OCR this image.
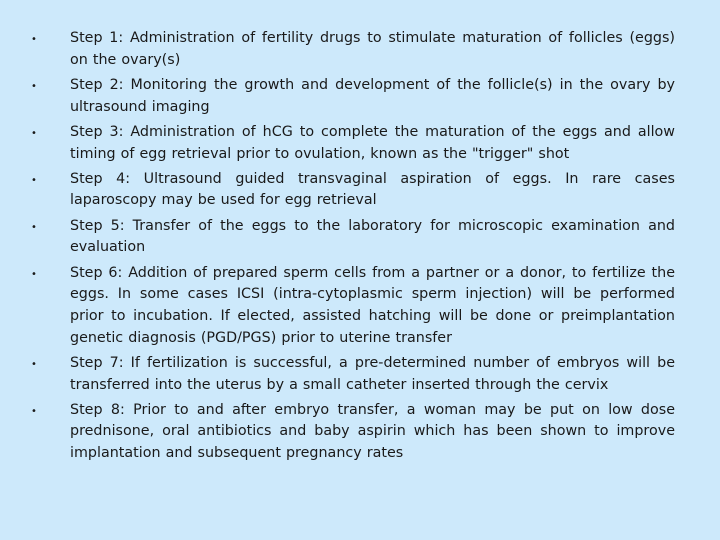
•	Step 1: Administration of fertility drugs to stimulate maturation of follicles (eggs) on the ovary(s)
•	Step 2: Monitoring the growth and development of the follicle(s) in the ovary by ultrasound imaging
•	Step 3: Administration of hCG to complete the maturation of the eggs and allow timing of egg retrieval prior to ovulation, known as the "trigger" shot
•	Step 4: Ultrasound guided transvaginal aspiration of eggs. In rare cases laparoscopy may be used for egg retrieval
•	Step 5: Transfer of the eggs to the laboratory for microscopic examination and evaluation
•	Step 6: Addition of prepared sperm cells from a partner or a donor, to fertilize the eggs. In some cases ICSI (intra-cytoplasmic sperm injection) will be performed prior to incubation. If elected, assisted hatching will be done or preimplantation genetic diagnosis (PGD/PGS) prior to uterine transfer
•	Step 7: If fertilization is successful, a pre-determined number of embryos will be transferred into the uterus by a small catheter inserted through the cervix
•	Step 8: Prior to and after embryo transfer, a woman may be put on low dose prednisone, oral antibiotics and baby aspirin which has been shown to improve implantation and subsequent pregnancy rates
